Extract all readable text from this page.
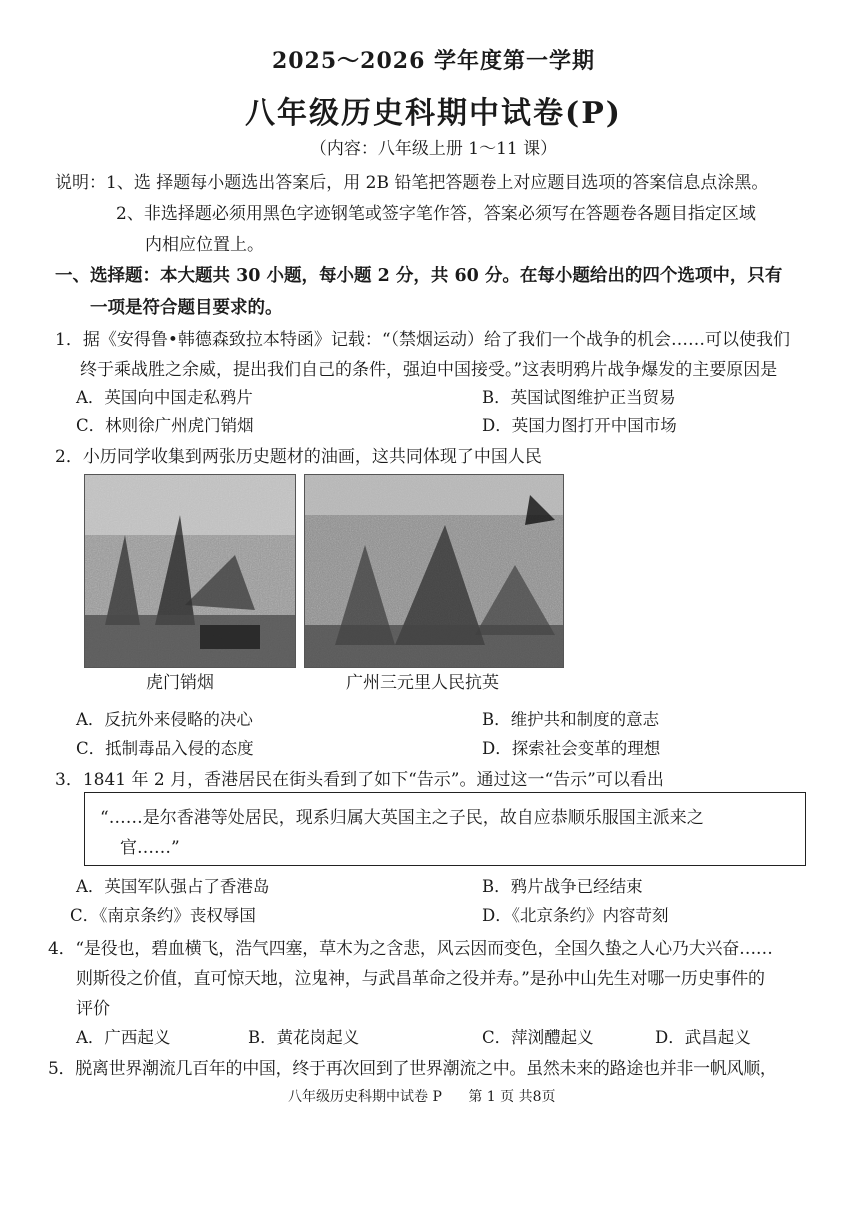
2025～2026 学年度第一学期
八年级历史科期中试卷(P)
（内容：八年级上册 1～11 课）
说明：1、选 择题每小题选出答案后，用 2B 铅笔把答题卷上对应题目选项的答案信息点涂黑。
2、非选择题必须用黑色字迹钢笔或签字笔作答，答案必须写在答题卷各题目指定区域
内相应位置上。
一、选择题：本大题共 30 小题，每小题 2 分，共 60 分。在每小题给出的四个选项中，只有
一项是符合题目要求的。
1．据《安得鲁•韩德森致拉本特函》记载：“（禁烟运动）给了我们一个战争的机会……可以使我们
终于乘战胜之余威，提出我们自己的条件，强迫中国接受。”这表明鸦片战争爆发的主要原因是
A．英国向中国走私鸦片	B．英国试图维护正当贸易
C．林则徐广州虎门销烟	D．英国力图打开中国市场
2．小历同学收集到两张历史题材的油画，这共同体现了中国人民
虎门销烟	广州三元里人民抗英
A．反抗外来侵略的决心	B．维护共和制度的意志
C．抵制毒品入侵的态度	D．探索社会变革的理想
3．1841 年 2 月，香港居民在街头看到了如下“告示”。通过这一“告示”可以看出
“……是尔香港等处居民，现系归属大英国主之子民，故自应恭顺乐服国主派来之
官……”
A．英国军队强占了香港岛	B．鸦片战争已经结束
C．《南京条约》丧权辱国	D．《北京条约》内容苛刻
4．“是役也，碧血横飞，浩气四塞，草木为之含悲，风云因而变色，全国久蛰之人心乃大兴奋……
则斯役之价值，直可惊天地，泣鬼神，与武昌革命之役并寿。”是孙中山先生对哪一历史事件的
评价
A．广西起义	B．黄花岗起义	C．萍浏醴起义	D．武昌起义
5．脱离世界潮流几百年的中国，终于再次回到了世界潮流之中。虽然未来的路途也并非一帆风顺，
八年级历史科期中试卷 P 第 1 页 共8页
